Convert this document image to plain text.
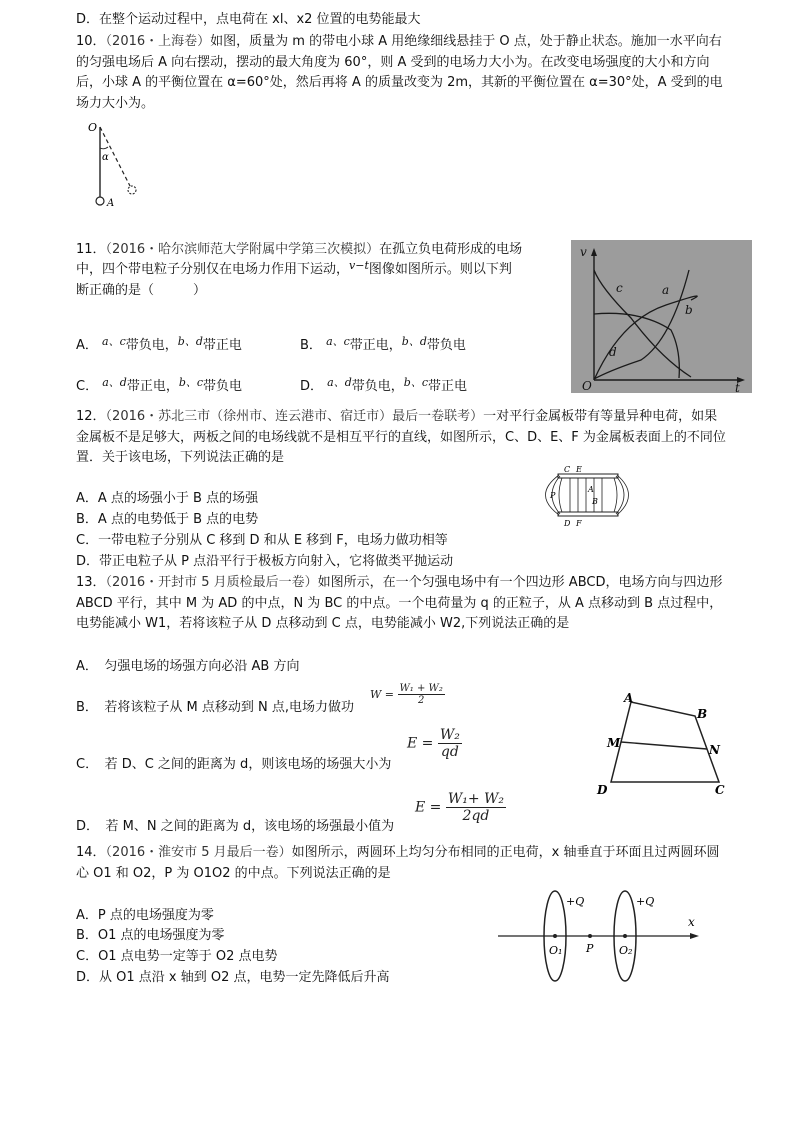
D．在整个运动过程中，点电荷在 xl、x2 位置的电势能最大
10．（2016・上海卷）如图，质量为 m 的带电小球 A 用绝缘细线悬挂于 O 点，处于静止状态。施加一水平向右的匀强电场后 A 向右摆动，摆动的最大角度为 60°，则 A 受到的电场力大小为。在改变电场强度的大小和方向后，小球 A 的平衡位置在 α=60°处，然后再将 A 的质量改变为 2m，其新的平衡位置在 α=30°处，A 受到的电场力大小为。
O
α
A
11．（2016・哈尔滨师范大学附属中学第三次模拟）在孤立负电荷形成的电场
中，四个带电粒子分别仅在电场力作用下运动，$^{v-t}$图像如图所示。则以下判
断正确的是（　　　）
A． $^{a、c}$带负电，$^{b、d}$带正电	B． $^{a、c}$带正电，$^{b、d}$带负电
C． $^{a、d}$带正电，$^{b、c}$带负电	D． $^{a、d}$带负电，$^{b、c}$带正电
v
t
O
a
b
c
d
12．（2016・苏北三市（徐州市、连云港市、宿迁市）最后一卷联考）一对平行金属板带有等量异种电荷，如果金属板不是足够大，两板之间的电场线就不是相互平行的直线，如图所示，C、D、E、F 为金属板表面上的不同位置．关于该电场，下列说法正确的是
C E
D F
P
A
B
A．A 点的场强小于 B 点的场强
B．A 点的电势低于 B 点的电势
C．一带电粒子分别从 C 移到 D 和从 E 移到 F，电场力做功相等
D．带正电粒子从 P 点沿平行于极板方向射入，它将做类平抛运动
13．（2016・开封市 5 月质检最后一卷）如图所示，在一个匀强电场中有一个四边形 ABCD，电场方向与四边形 ABCD 平行，其中 M 为 AD 的中点，N 为 BC 的中点。一个电荷量为 q 的正粒子，从 A 点移动到 B 点过程中，电势能减小 W1，若将该粒子从 D 点移动到 C 点，电势能减小 W2,下列说法正确的是
A．　匀强电场的场强方向必沿 AB 方向
B．　若将该粒子从 M 点移动到 N 点,电场力做功
$W = \frac{\text{W₁ + W₂}}{2}$
C．　若 D、C 之间的距离为 d，则该电场的场强大小为
$E = \frac{\text{W₂}}{qd}$
D．　若 M、N 之间的距离为 d，该电场的场强最小值为
$E = \frac{\text{W₁+ W₂}}{2qd}$
A
B
M	N
D	C
14．（2016・淮安市 5 月最后一卷）如图所示，两圆环上均匀分布相同的正电荷，x 轴垂直于环面且过两圆环圆心 O1 和 O2，P 为 O1O2 的中点。下列说法正确的是
A．P 点的电场强度为零
B．O1 点的电场强度为零
C．O1 点电势一定等于 O2 点电势
D．从 O1 点沿 x 轴到 O2 点，电势一定先降低后升高
+Q	+Q
x
O₁ P O₂
